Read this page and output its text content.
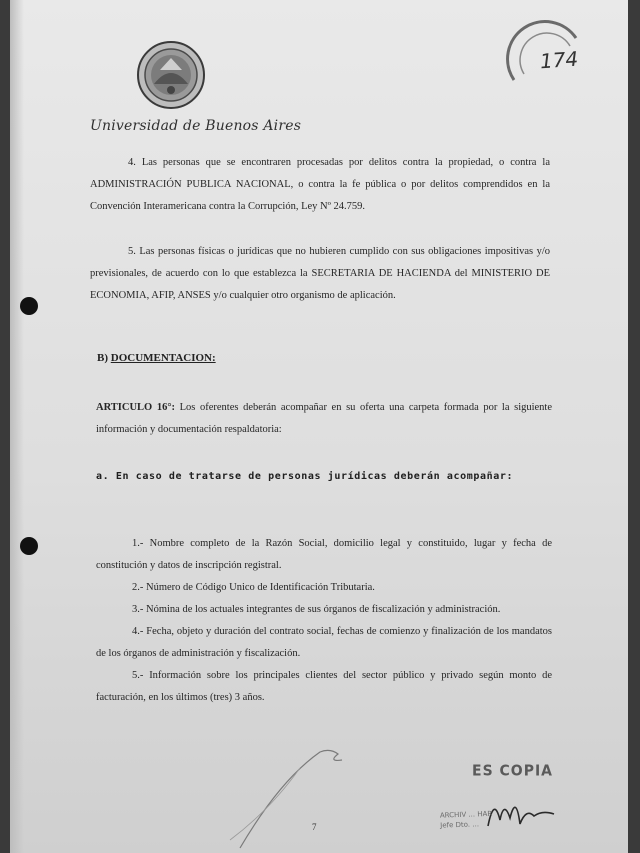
Universidad de Buenos Aires
174
4. Las personas que se encontraren procesadas por delitos contra la propiedad, o contra la ADMINISTRACIÓN PUBLICA NACIONAL, o contra la fe pública o por delitos comprendidos en la Convención Interamericana contra la Corrupción, Ley Nº 24.759.
5. Las personas físicas o jurídicas que no hubieren cumplido con sus obligaciones impositivas y/o previsionales, de acuerdo con lo que establezca la SECRETARIA DE HACIENDA del MINISTERIO DE ECONOMIA, AFIP, ANSES y/o cualquier otro organismo de aplicación.
B) DOCUMENTACION:
ARTICULO 16°: Los oferentes deberán acompañar en su oferta una carpeta formada por la siguiente información y documentación respaldatoria:
a. En caso de tratarse de personas jurídicas deberán acompañar:

1.- Nombre completo de la Razón Social, domicilio legal y constituido, lugar y fecha de constitución y datos de inscripción registral.

2.- Número de Código Unico de Identificación Tributaria.

3.- Nómina de los actuales integrantes de sus órganos de fiscalización y administración.

4.- Fecha, objeto y duración del contrato social, fechas de comienzo y finalización de los mandatos de los órganos de administración y fiscalización.

5.- Información sobre los principales clientes del sector público y privado según monto de facturación, en los últimos (tres) 3 años.

ES COPIA
ARCHIV ... HAR
Jefe Dto. ...
7
